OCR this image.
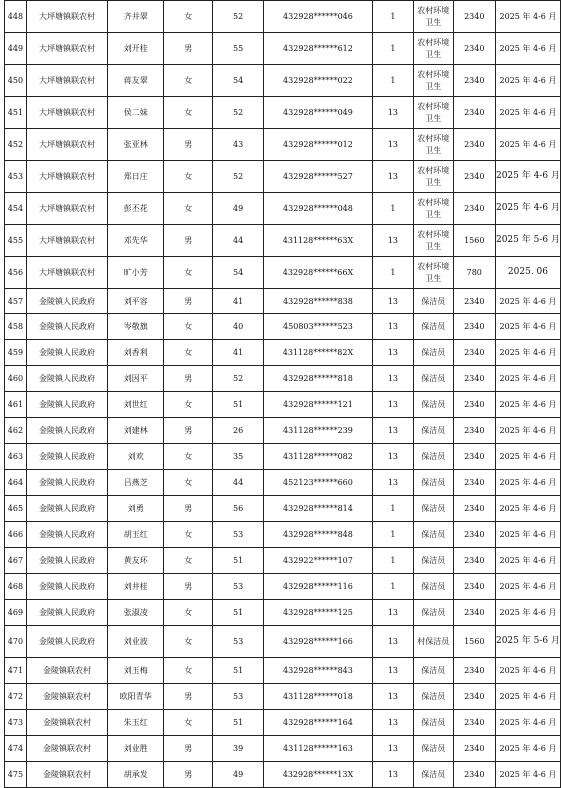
448	大坪塘镇联农村	齐井翠	女	52	432928******046	1	农村环境卫生	2340	2025 年 4-6 月
449	大坪塘镇联农村	刘开桂	男	55	432928******612	1	农村环境卫生	2340	2025 年 4-6 月
450	大坪塘镇联农村	蒋友翠	女	54	432928******022	1	农村环境卫生	2340	2025 年 4-6 月
451	大坪塘镇联农村	侯二妹	女	52	432928******049	13	农村环境卫生	2340	2025 年 4-6 月
452	大坪塘镇联农村	张亚林	男	43	432928******012	13	农村环境卫生	2340	2025 年 4-6 月
453	大坪塘镇联农村	郑日庄	女	52	432928******527	13	农村环境卫生	2340	2025 年 4-6 月
454	大坪塘镇联农村	彭丕花	女	49	432928******048	1	农村环境卫生	2340	2025 年 4-6 月
455	大坪塘镇联农村	邓先华	男	44	431128******63X	13	农村环境卫生	1560	2025 年 5-6 月
456	大坪塘镇联农村	旷小芳	女	54	432928******66X	1	农村环境卫生	780	2025. 06
457	金陵镇人民政府	刘平容	男	41	432928******838	13	保洁员	2340	2025 年 4-6 月
458	金陵镇人民政府	岑敬旗	女	40	450803******523	13	保洁员	2340	2025 年 4-6 月
459	金陵镇人民政府	刘香利	女	41	431128******82X	13	保洁员	2340	2025 年 4-6 月
460	金陵镇人民政府	刘因平	男	52	432928******818	13	保洁员	2340	2025 年 4-6 月
461	金陵镇人民政府	刘世红	女	51	432928******121	13	保洁员	2340	2025 年 4-6 月
462	金陵镇人民政府	刘建林	男	26	431128******239	13	保洁员	2340	2025 年 4-6 月
463	金陵镇人民政府	刘欢	女	35	431128******082	13	保洁员	2340	2025 年 4-6 月
464	金陵镇人民政府	吕燕芝	女	44	452123******660	13	保洁员	2340	2025 年 4-6 月
465	金陵镇人民政府	刘勇	男	56	432928******814	1	保洁员	2340	2025 年 4-6 月
466	金陵镇人民政府	胡玉红	女	53	432928******848	1	保洁员	2340	2025 年 4-6 月
467	金陵镇人民政府	黄友环	女	51	432922******107	1	保洁员	2340	2025 年 4-6 月
468	金陵镇人民政府	刘井桂	男	53	432928******116	1	保洁员	2340	2025 年 4-6 月
469	金陵镇人民政府	张淑凌	女	51	432928******125	13	保洁员	2340	2025 年 4-6 月
470	金陵镇人民政府	刘业波	女	53	432928******166	13	村保洁员	1560	2025 年 5-6 月
471	金陵镇联农村	刘玉梅	女	51	432928******843	13	保洁员	2340	2025 年 4-6 月
472	金陵镇联农村	欧阳青华	男	53	431128******018	13	保洁员	2340	2025 年 4-6 月
473	金陵镇联农村	朱玉红	女	51	432928******164	13	保洁员	2340	2025 年 4-6 月
474	金陵镇联农村	刘业胜	男	39	431128******163	13	保洁员	2340	2025 年 4-6 月
475	金陵镇联农村	胡承发	男	49	432928******13X	13	保洁员	2340	2025 年 4-6 月
